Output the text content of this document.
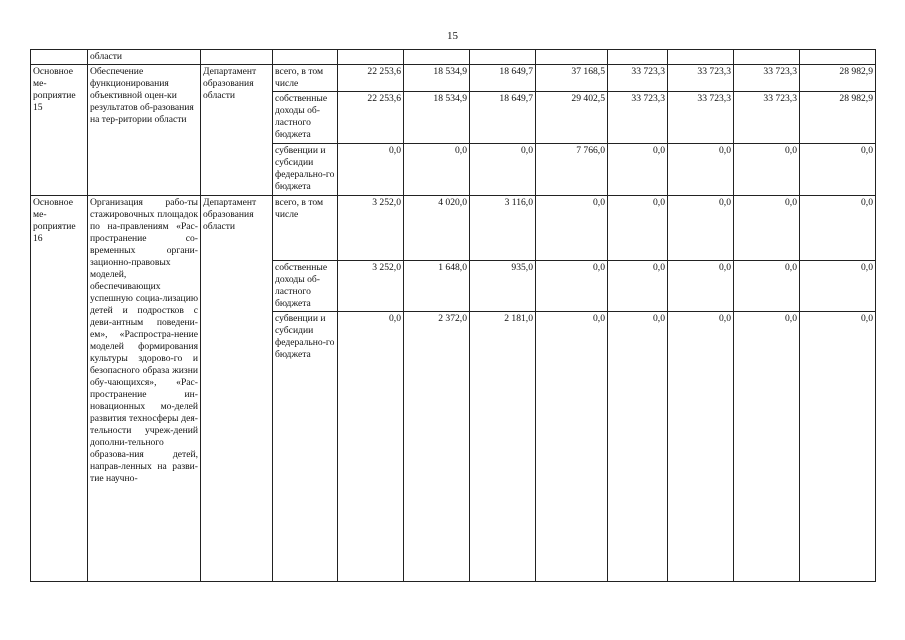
15
	области										
Основное ме-роприятие 15	Обеспечение функционирования объективной оцен-ки результатов об-разования на тер-ритории области	Департамент образования области	всего, в том числе	22 253,6	18 534,9	18 649,7	37 168,5	33 723,3	33 723,3	33 723,3	28 982,9
			собственные доходы об-ластного бюджета	22 253,6	18 534,9	18 649,7	29 402,5	33 723,3	33 723,3	33 723,3	28 982,9
			субвенции и субсидии федерально-го бюджета	0,0	0,0	0,0	7 766,0	0,0	0,0	0,0	0,0
Основное ме-роприятие 16	Организация рабо-ты стажировочных площадок по на-правлениям «Рас-пространение со-временных органи-зационно-правовых моделей, обеспечивающих успешную социа-лизацию детей и подростков с деви-антным поведени-ем», «Распростра-нение моделей формирования культуры здорово-го и безопасного образа жизни обу-чающихся», «Рас-пространение ин-новационных мо-делей развития техносферы дея-тельности учреж-дений дополни-тельного образова-ния детей, направ-ленных на разви-тие научно-	Департамент образования области	всего, в том числе	3 252,0	4 020,0	3 116,0	0,0	0,0	0,0	0,0	0,0
			собственные доходы об-ластного бюджета	3 252,0	1 648,0	935,0	0,0	0,0	0,0	0,0	0,0
			субвенции и субсидии федерально-го бюджета	0,0	2 372,0	2 181,0	0,0	0,0	0,0	0,0	0,0
